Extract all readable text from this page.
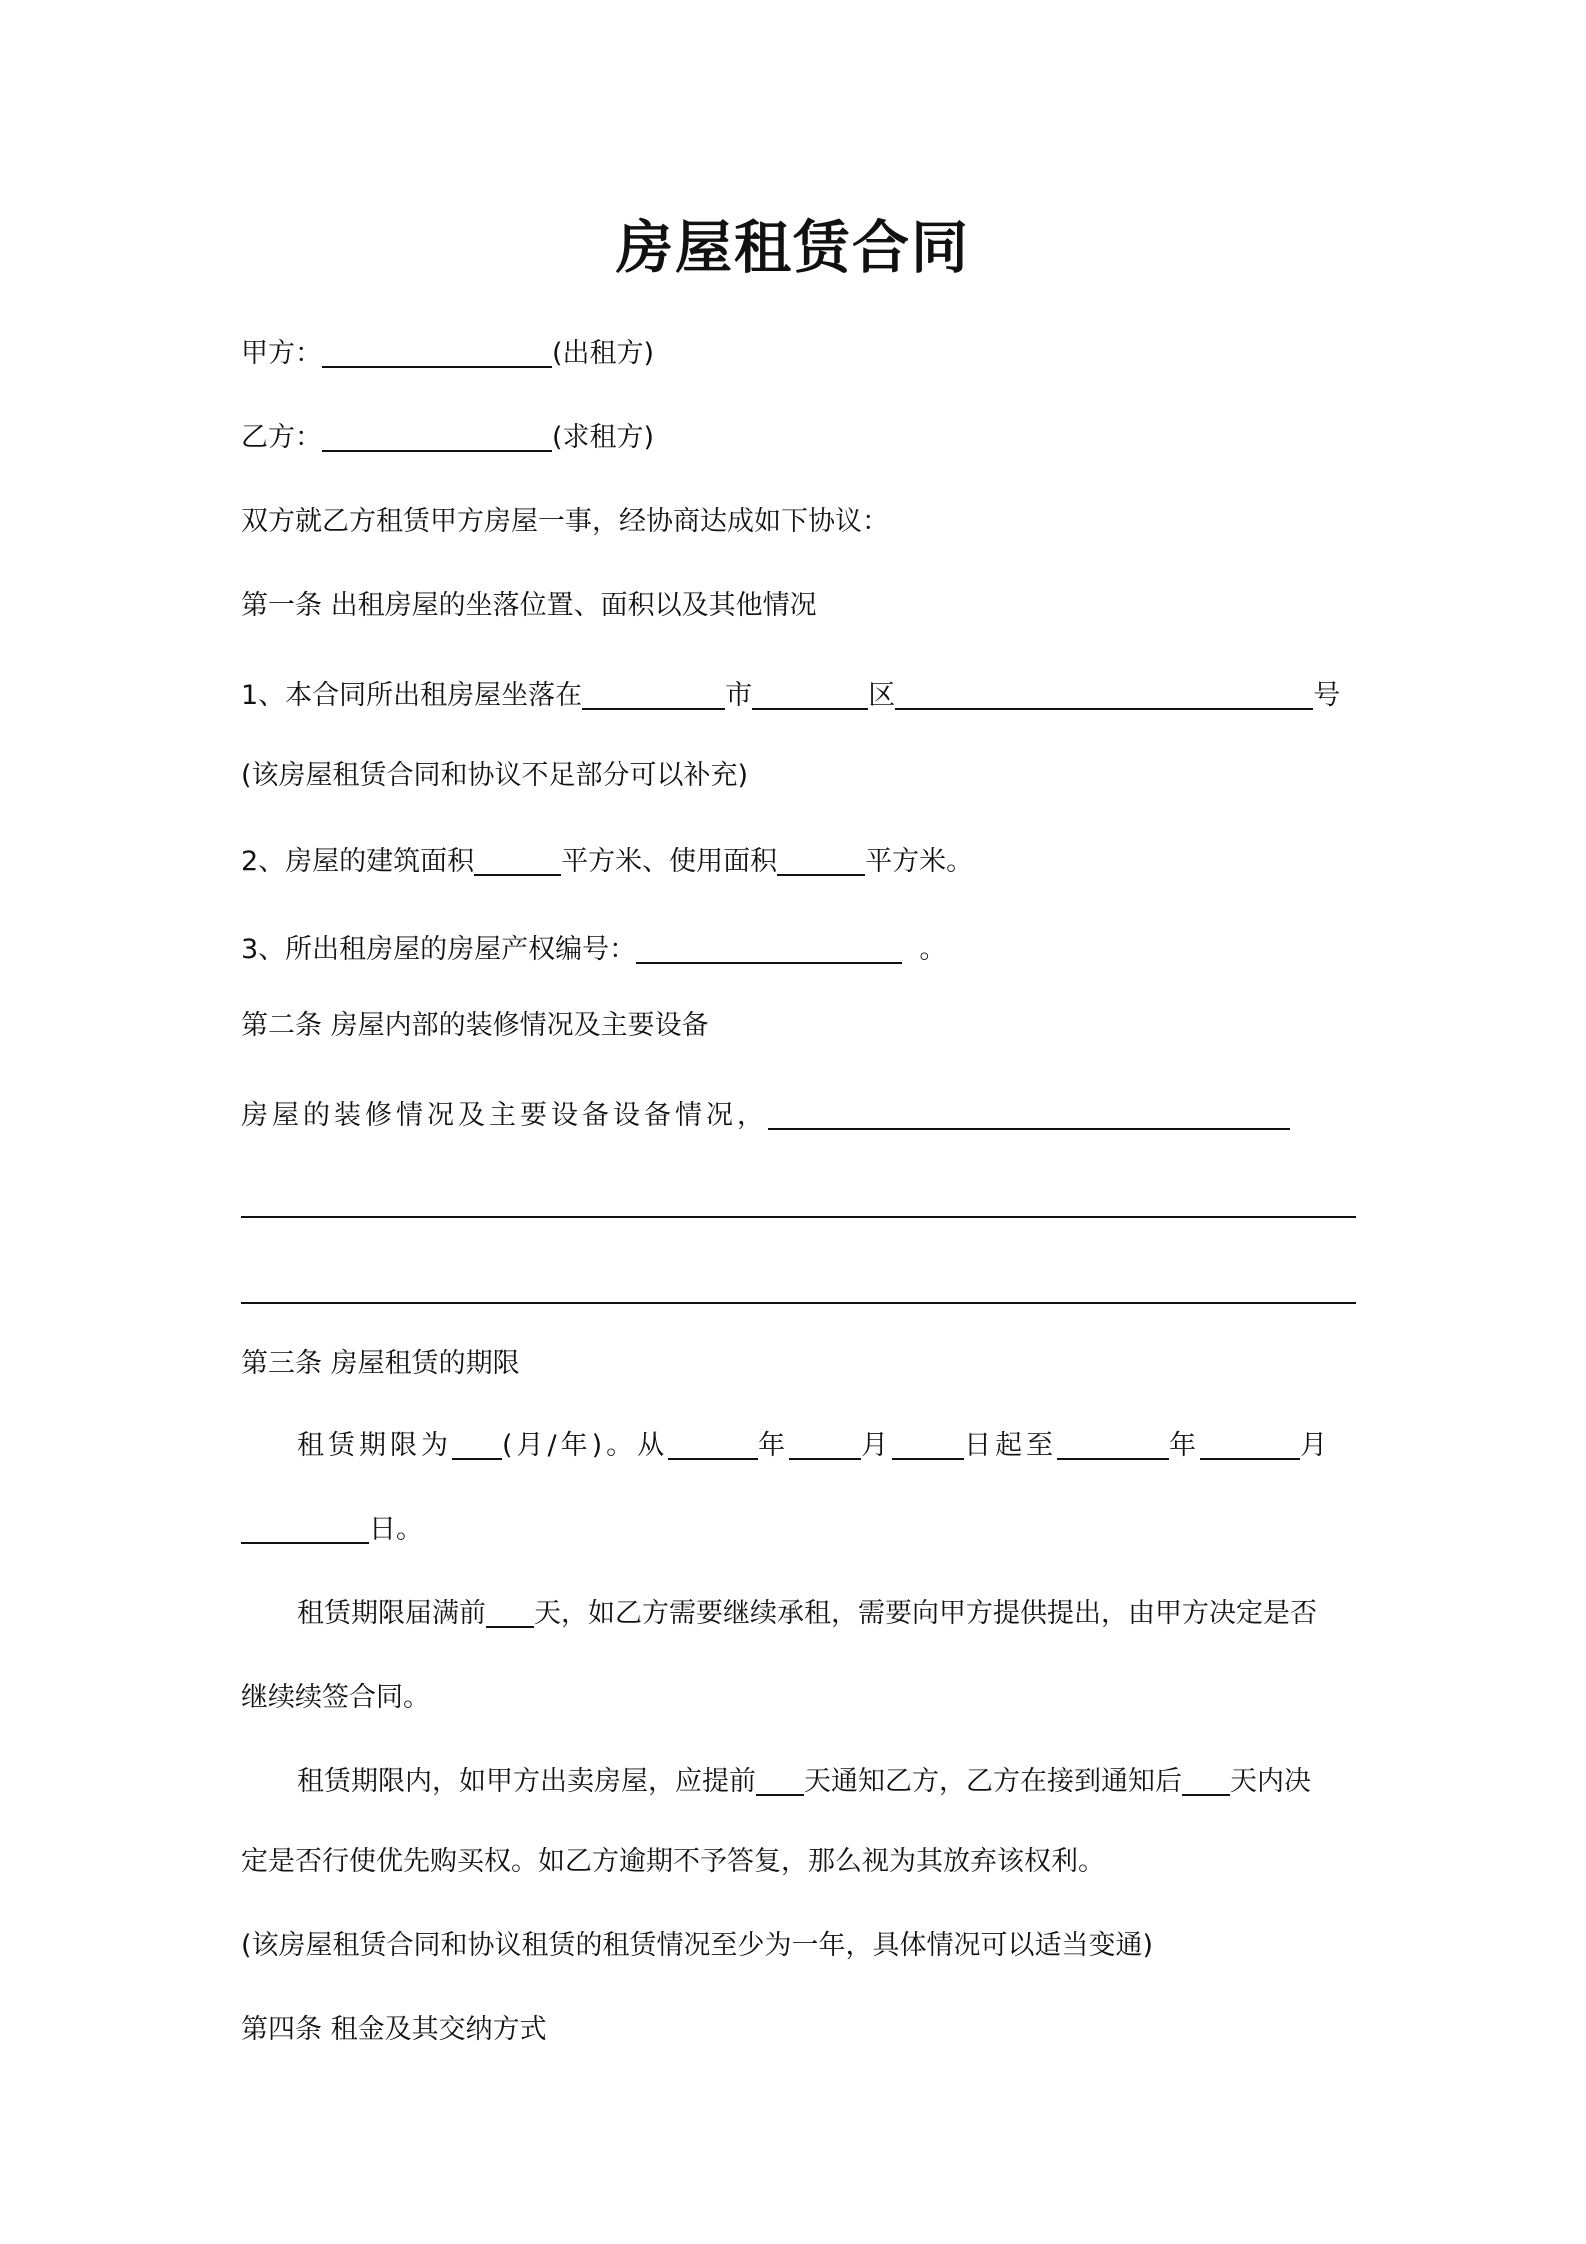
房屋租赁合同
甲方：	(出租方)
乙方：	(求租方)
双方就乙方租赁甲方房屋一事，经协商达成如下协议：
第一条 出租房屋的坐落位置、面积以及其他情况
1、本合同所出租房屋坐落在	市	区	号
(该房屋租赁合同和协议不足部分可以补充)
2、房屋的建筑面积	平方米、使用面积	平方米。
3、所出租房屋的房屋产权编号：	。
第二条 房屋内部的装修情况及主要设备
房屋的装修情况及主要设备设备情况，
第三条 房屋租赁的期限
租赁期限为 (月/年)。从	年	月	日起至	年	月
日。
租赁期限届满前 天，如乙方需要继续承租，需要向甲方提供提出，由甲方决定是否
继续续签合同。
租赁期限内，如甲方出卖房屋，应提前 天通知乙方，乙方在接到通知后 天内决
定是否行使优先购买权。如乙方逾期不予答复，那么视为其放弃该权利。
(该房屋租赁合同和协议租赁的租赁情况至少为一年，具体情况可以适当变通)
第四条 租金及其交纳方式
